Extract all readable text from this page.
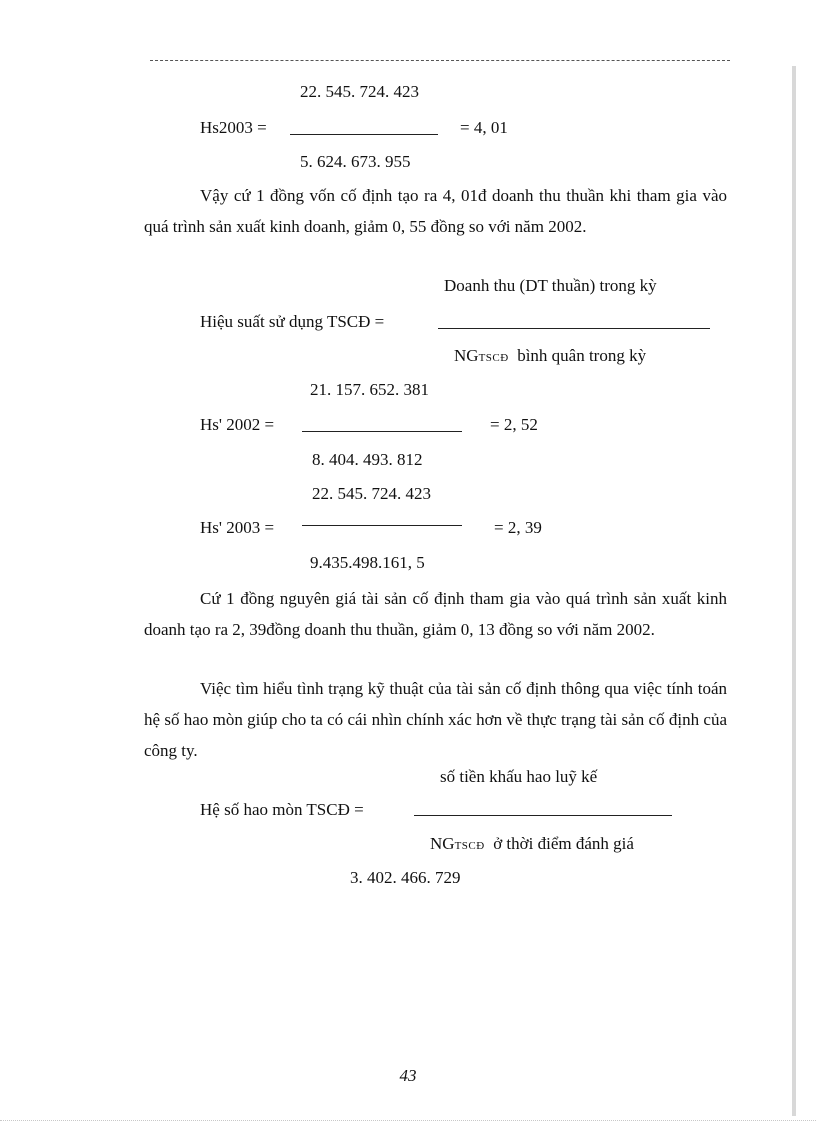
22. 545. 724. 423
Hs2003 =	= 4, 01
5. 624. 673. 955
Vậy cứ 1 đồng vốn cố định tạo ra 4, 01đ doanh thu thuần khi tham gia vào quá trình sản xuất kinh doanh, giảm 0, 55 đồng so với năm 2002.
Doanh thu (DT thuần) trong kỳ
Hiệu suất sử dụng TSCĐ =
NGTSCĐ bình quân trong kỳ
21. 157. 652. 381
Hs' 2002 =	= 2, 52
8. 404. 493. 812
22. 545. 724. 423
Hs' 2003 =	= 2, 39
9.435.498.161, 5
Cứ 1 đồng nguyên giá tài sản cố định tham gia vào quá trình sản xuất kinh doanh tạo ra 2, 39đồng doanh thu thuần, giảm 0, 13 đồng so với năm 2002.
Việc tìm hiểu tình trạng kỹ thuật của tài sản cố định thông qua việc tính toán hệ số hao mòn giúp cho ta có cái nhìn chính xác hơn về thực trạng tài sản cố định của công ty.
số tiền khấu hao luỹ kế
Hệ số hao mòn TSCĐ =
NGTSCĐ ở thời điểm đánh giá
3. 402. 466. 729
43
